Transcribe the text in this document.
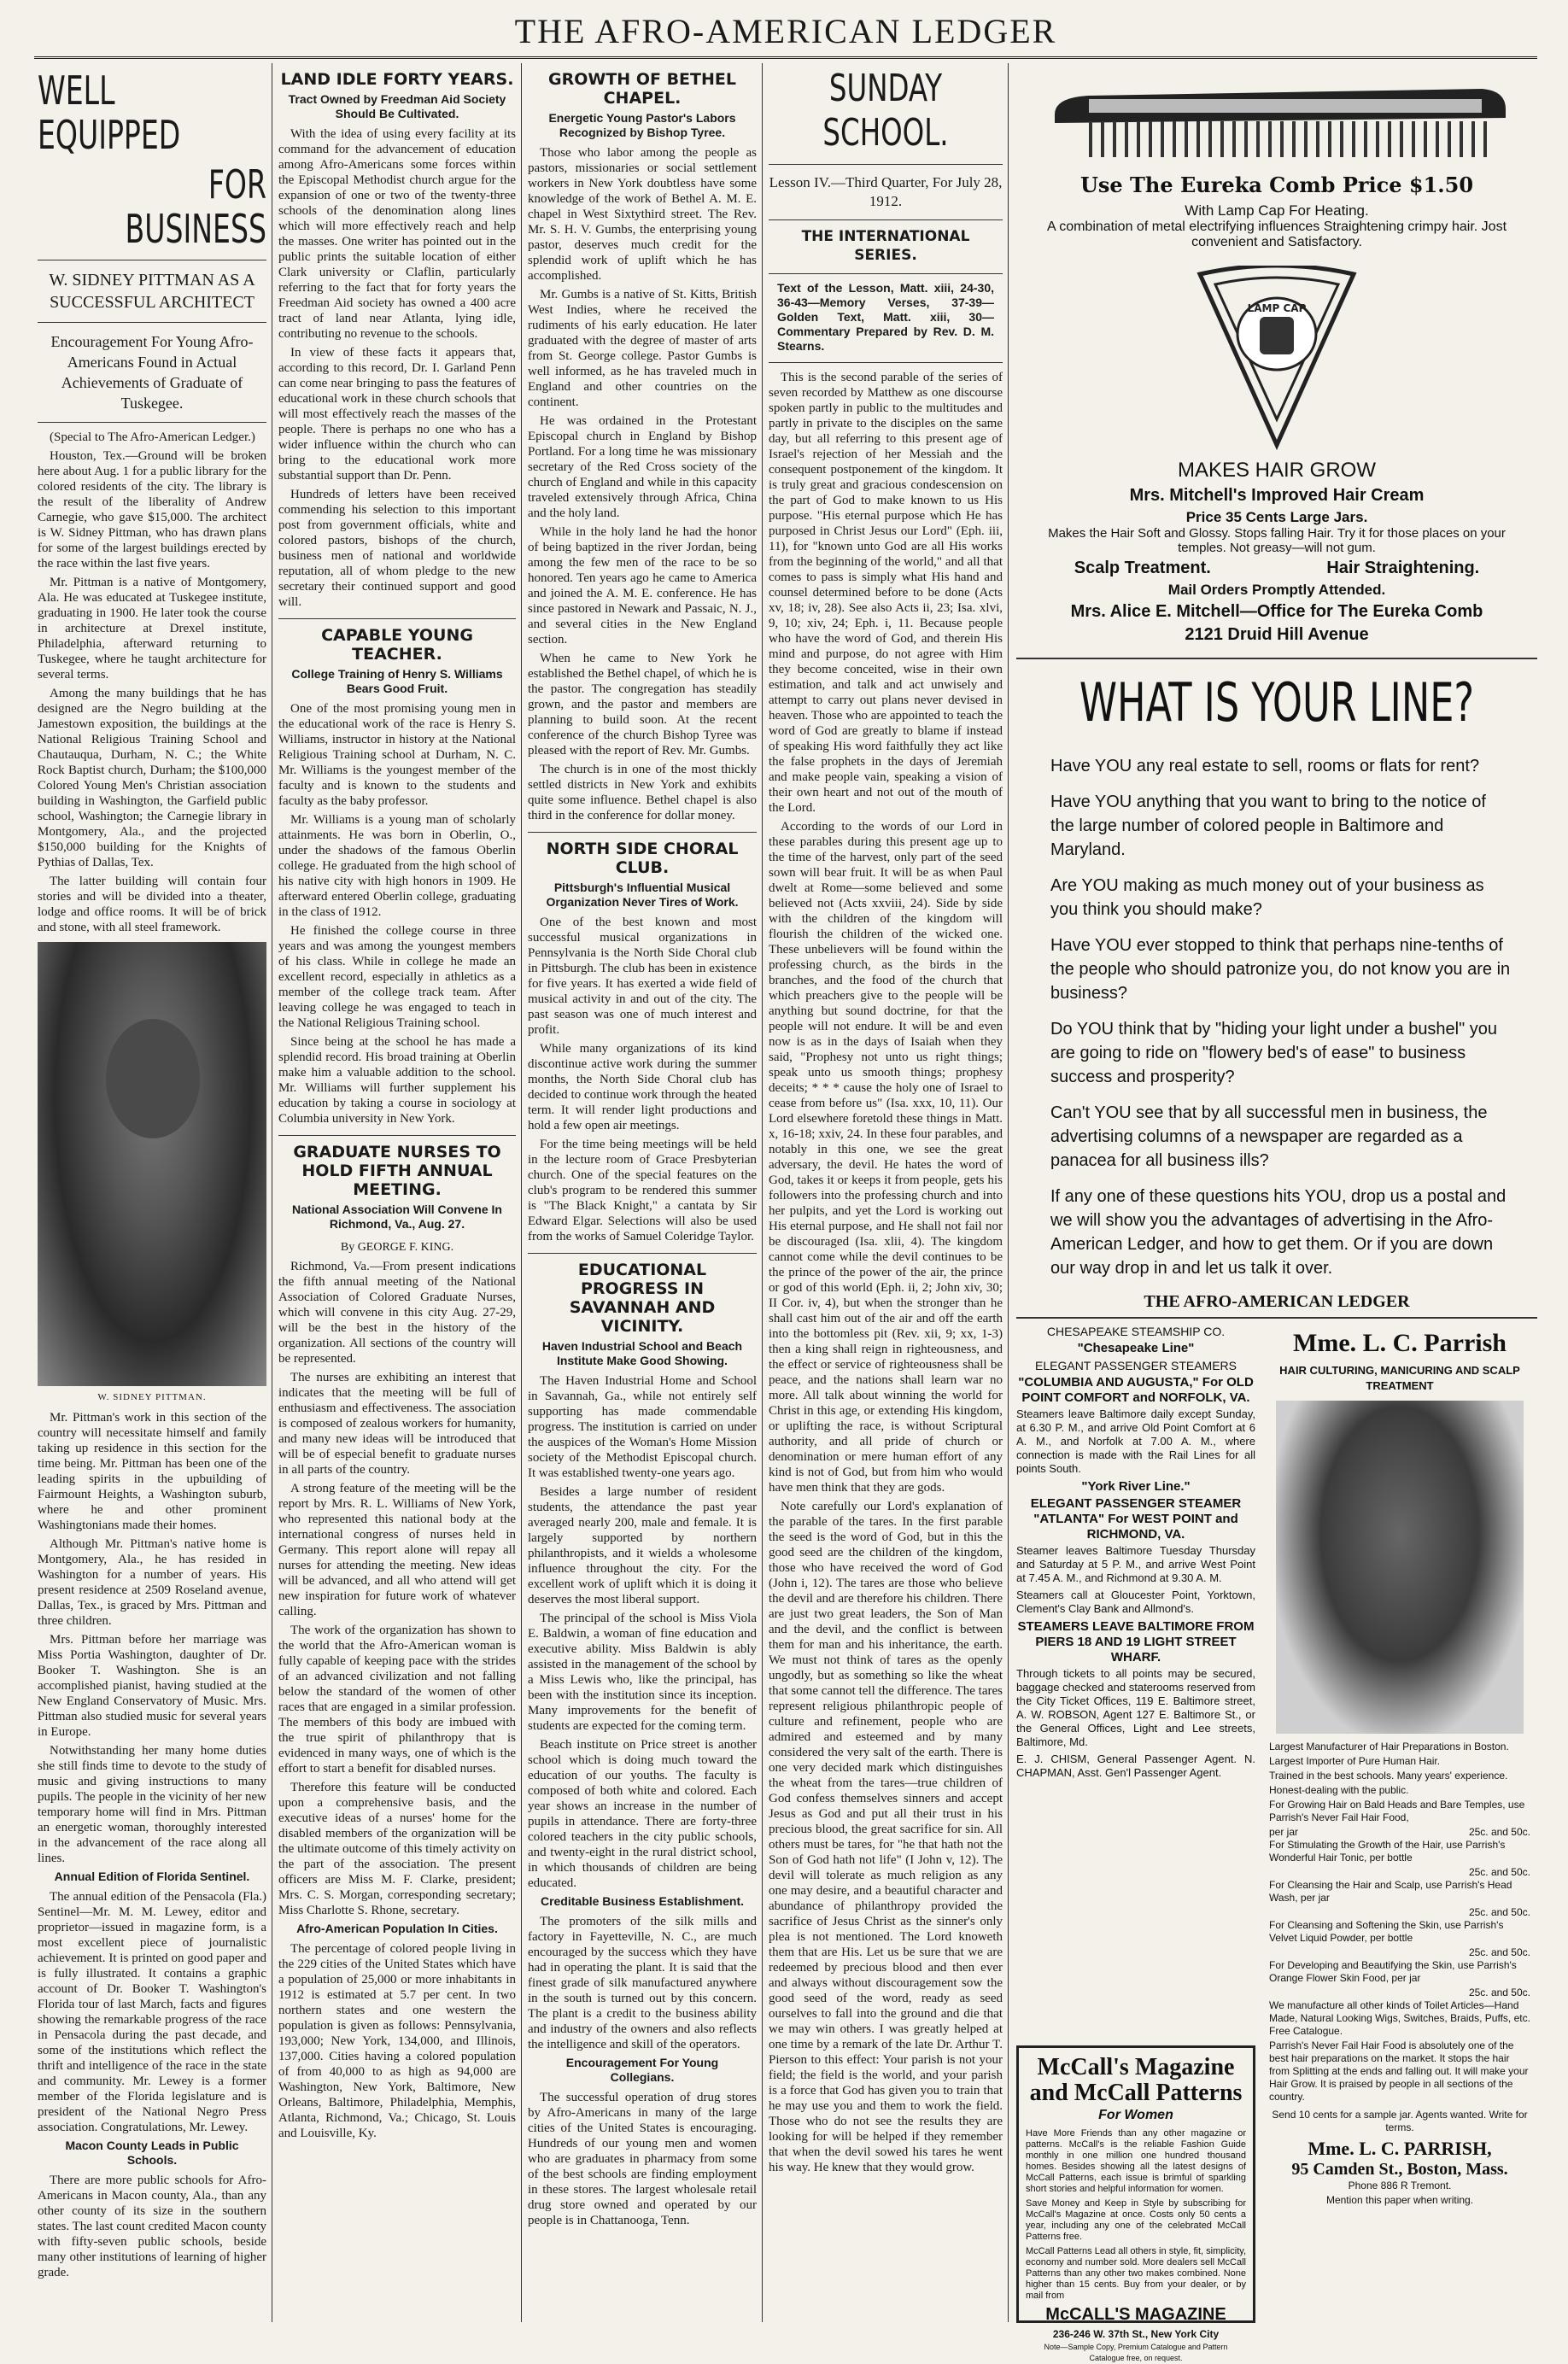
THE AFRO-AMERICAN LEDGER
WELL EQUIPPED
FOR BUSINESS
W. SIDNEY PITTMAN AS A SUCCESSFUL ARCHITECT
Encouragement For Young Afro-Americans Found in Actual Achievements of Graduate of Tuskegee.

(Special to The Afro-American Ledger.)

Houston, Tex.—Ground will be broken here about Aug. 1 for a public library for the colored residents of the city. The library is the result of the liberality of Andrew Carnegie, who gave $15,000. The architect is W. Sidney Pittman, who has drawn plans for some of the largest buildings erected by the race within the last five years.

Mr. Pittman is a native of Montgomery, Ala. He was educated at Tuskegee institute, graduating in 1900. He later took the course in architecture at Drexel institute, Philadelphia, afterward returning to Tuskegee, where he taught architecture for several terms.

Among the many buildings that he has designed are the Negro building at the Jamestown exposition, the buildings at the National Religious Training School and Chautauqua, Durham, N. C.; the White Rock Baptist church, Durham; the $100,000 Colored Young Men's Christian association building in Washington, the Garfield public school, Washington; the Carnegie library in Montgomery, Ala., and the projected $150,000 building for the Knights of Pythias of Dallas, Tex.

The latter building will contain four stories and will be divided into a theater, lodge and office rooms. It will be of brick and stone, with all steel framework.

W. SIDNEY PITTMAN.

Mr. Pittman's work in this section of the country will necessitate himself and family taking up residence in this section for the time being. Mr. Pittman has been one of the leading spirits in the upbuilding of Fairmount Heights, a Washington suburb, where he and other prominent Washingtonians made their homes.

Although Mr. Pittman's native home is Montgomery, Ala., he has resided in Washington for a number of years. His present residence at 2509 Roseland avenue, Dallas, Tex., is graced by Mrs. Pittman and three children.

Mrs. Pittman before her marriage was Miss Portia Washington, daughter of Dr. Booker T. Washington. She is an accomplished pianist, having studied at the New England Conservatory of Music. Mrs. Pittman also studied music for several years in Europe.

Notwithstanding her many home duties she still finds time to devote to the study of music and giving instructions to many pupils. The people in the vicinity of her new temporary home will find in Mrs. Pittman an energetic woman, thoroughly interested in the advancement of the race along all lines.

Annual Edition of Florida Sentinel.

The annual edition of the Pensacola (Fla.) Sentinel—Mr. M. M. Lewey, editor and proprietor—issued in magazine form, is a most excellent piece of journalistic achievement. It is printed on good paper and is fully illustrated. It contains a graphic account of Dr. Booker T. Washington's Florida tour of last March, facts and figures showing the remarkable progress of the race in Pensacola during the past decade, and some of the institutions which reflect the thrift and intelligence of the race in the state and community. Mr. Lewey is a former member of the Florida legislature and is president of the National Negro Press association. Congratulations, Mr. Lewey.

Macon County Leads in Public Schools.

There are more public schools for Afro-Americans in Macon county, Ala., than any other county of its size in the southern states. The last count credited Macon county with fifty-seven public schools, beside many other institutions of learning of higher grade.

LAND IDLE FORTY YEARS.
Tract Owned by Freedman Aid Society Should Be Cultivated.

With the idea of using every facility at its command for the advancement of education among Afro-Americans some forces within the Episcopal Methodist church argue for the expansion of one or two of the twenty-three schools of the denomination along lines which will more effectively reach and help the masses. One writer has pointed out in the public prints the suitable location of either Clark university or Claflin, particularly referring to the fact that for forty years the Freedman Aid society has owned a 400 acre tract of land near Atlanta, lying idle, contributing no revenue to the schools.

In view of these facts it appears that, according to this record, Dr. I. Garland Penn can come near bringing to pass the features of educational work in these church schools that will most effectively reach the masses of the people. There is perhaps no one who has a wider influence within the church who can bring to the educational work more substantial support than Dr. Penn.

Hundreds of letters have been received commending his selection to this important post from government officials, white and colored pastors, bishops of the church, business men of national and worldwide reputation, all of whom pledge to the new secretary their continued support and good will.

CAPABLE YOUNG TEACHER.
College Training of Henry S. Williams Bears Good Fruit.

One of the most promising young men in the educational work of the race is Henry S. Williams, instructor in history at the National Religious Training school at Durham, N. C. Mr. Williams is the youngest member of the faculty and is known to the students and faculty as the baby professor.

Mr. Williams is a young man of scholarly attainments. He was born in Oberlin, O., under the shadows of the famous Oberlin college. He graduated from the high school of his native city with high honors in 1909. He afterward entered Oberlin college, graduating in the class of 1912.

He finished the college course in three years and was among the youngest members of his class. While in college he made an excellent record, especially in athletics as a member of the college track team. After leaving college he was engaged to teach in the National Religious Training school.

Since being at the school he has made a splendid record. His broad training at Oberlin make him a valuable addition to the school. Mr. Williams will further supplement his education by taking a course in sociology at Columbia university in New York.

GRADUATE NURSES TO HOLD FIFTH ANNUAL MEETING.
National Association Will Convene In Richmond, Va., Aug. 27.
By GEORGE F. KING.

Richmond, Va.—From present indications the fifth annual meeting of the National Association of Colored Graduate Nurses, which will convene in this city Aug. 27-29, will be the best in the history of the organization. All sections of the country will be represented.

The nurses are exhibiting an interest that indicates that the meeting will be full of enthusiasm and effectiveness. The association is composed of zealous workers for humanity, and many new ideas will be introduced that will be of especial benefit to graduate nurses in all parts of the country.

A strong feature of the meeting will be the report by Mrs. R. L. Williams of New York, who represented this national body at the international congress of nurses held in Germany. This report alone will repay all nurses for attending the meeting. New ideas will be advanced, and all who attend will get new inspiration for future work of whatever calling.

The work of the organization has shown to the world that the Afro-American woman is fully capable of keeping pace with the strides of an advanced civilization and not falling below the standard of the women of other races that are engaged in a similar profession. The members of this body are imbued with the true spirit of philanthropy that is evidenced in many ways, one of which is the effort to start a benefit for disabled nurses.

Therefore this feature will be conducted upon a comprehensive basis, and the executive ideas of a nurses' home for the disabled members of the organization will be the ultimate outcome of this timely activity on the part of the association. The present officers are Miss M. F. Clarke, president; Mrs. C. S. Morgan, corresponding secretary; Miss Charlotte S. Rhone, secretary.

Afro-American Population In Cities.

The percentage of colored people living in the 229 cities of the United States which have a population of 25,000 or more inhabitants in 1912 is estimated at 5.7 per cent. In two northern states and one western the population is given as follows: Pennsylvania, 193,000; New York, 134,000, and Illinois, 137,000. Cities having a colored population of from 40,000 to as high as 94,000 are Washington, New York, Baltimore, New Orleans, Baltimore, Philadelphia, Memphis, Atlanta, Richmond, Va.; Chicago, St. Louis and Louisville, Ky.

GROWTH OF BETHEL CHAPEL.
Energetic Young Pastor's Labors Recognized by Bishop Tyree.

Those who labor among the people as pastors, missionaries or social settlement workers in New York doubtless have some knowledge of the work of Bethel A. M. E. chapel in West Sixtythird street. The Rev. Mr. S. H. V. Gumbs, the enterprising young pastor, deserves much credit for the splendid work of uplift which he has accomplished.

Mr. Gumbs is a native of St. Kitts, British West Indies, where he received the rudiments of his early education. He later graduated with the degree of master of arts from St. George college. Pastor Gumbs is well informed, as he has traveled much in England and other countries on the continent.

He was ordained in the Protestant Episcopal church in England by Bishop Portland. For a long time he was missionary secretary of the Red Cross society of the church of England and while in this capacity traveled extensively through Africa, China and the holy land.

While in the holy land he had the honor of being baptized in the river Jordan, being among the few men of the race to be so honored. Ten years ago he came to America and joined the A. M. E. conference. He has since pastored in Newark and Passaic, N. J., and several cities in the New England section.

When he came to New York he established the Bethel chapel, of which he is the pastor. The congregation has steadily grown, and the pastor and members are planning to build soon. At the recent conference of the church Bishop Tyree was pleased with the report of Rev. Mr. Gumbs.

The church is in one of the most thickly settled districts in New York and exhibits quite some influence. Bethel chapel is also third in the conference for dollar money.

NORTH SIDE CHORAL CLUB.
Pittsburgh's Influential Musical Organization Never Tires of Work.

One of the best known and most successful musical organizations in Pennsylvania is the North Side Choral club in Pittsburgh. The club has been in existence for five years. It has exerted a wide field of musical activity in and out of the city. The past season was one of much interest and profit.

While many organizations of its kind discontinue active work during the summer months, the North Side Choral club has decided to continue work through the heated term. It will render light productions and hold a few open air meetings.

For the time being meetings will be held in the lecture room of Grace Presbyterian church. One of the special features on the club's program to be rendered this summer is "The Black Knight," a cantata by Sir Edward Elgar. Selections will also be used from the works of Samuel Coleridge Taylor.

EDUCATIONAL PROGRESS IN SAVANNAH AND VICINITY.
Haven Industrial School and Beach Institute Make Good Showing.

The Haven Industrial Home and School in Savannah, Ga., while not entirely self supporting has made commendable progress. The institution is carried on under the auspices of the Woman's Home Mission society of the Methodist Episcopal church. It was established twenty-one years ago.

Besides a large number of resident students, the attendance the past year averaged nearly 200, male and female. It is largely supported by northern philanthropists, and it wields a wholesome influence throughout the city. For the excellent work of uplift which it is doing it deserves the most liberal support.

The principal of the school is Miss Viola E. Baldwin, a woman of fine education and executive ability. Miss Baldwin is ably assisted in the management of the school by a Miss Lewis who, like the principal, has been with the institution since its inception. Many improvements for the benefit of students are expected for the coming term.

Beach institute on Price street is another school which is doing much toward the education of our youths. The faculty is composed of both white and colored. Each year shows an increase in the number of pupils in attendance. There are forty-three colored teachers in the city public schools, and twenty-eight in the rural district school, in which thousands of children are being educated.

Creditable Business Establishment.

The promoters of the silk mills and factory in Fayetteville, N. C., are much encouraged by the success which they have had in operating the plant. It is said that the finest grade of silk manufactured anywhere in the south is turned out by this concern. The plant is a credit to the business ability and industry of the owners and also reflects the intelligence and skill of the operators.

Encouragement For Young Collegians.

The successful operation of drug stores by Afro-Americans in many of the large cities of the United States is encouraging. Hundreds of our young men and women who are graduates in pharmacy from some of the best schools are finding employment in these stores. The largest wholesale retail drug store owned and operated by our people is in Chattanooga, Tenn.

SUNDAY SCHOOL.
Lesson IV.—Third Quarter, For July 28, 1912.
THE INTERNATIONAL SERIES.
Text of the Lesson, Matt. xiii, 24-30, 36-43—Memory Verses, 37-39—Golden Text, Matt. xiii, 30—Commentary Prepared by Rev. D. M. Stearns.

This is the second parable of the series of seven recorded by Matthew as one discourse spoken partly in public to the multitudes and partly in private to the disciples on the same day, but all referring to this present age of Israel's rejection of her Messiah and the consequent postponement of the kingdom. It is truly great and gracious condescension on the part of God to make known to us His purpose. "His eternal purpose which He has purposed in Christ Jesus our Lord" (Eph. iii, 11), for "known unto God are all His works from the beginning of the world," and all that comes to pass is simply what His hand and counsel determined before to be done (Acts xv, 18; iv, 28). See also Acts ii, 23; Isa. xlvi, 9, 10; xiv, 24; Eph. i, 11. Because people who have the word of God, and therein His mind and purpose, do not agree with Him they become conceited, wise in their own estimation, and talk and act unwisely and attempt to carry out plans never devised in heaven. Those who are appointed to teach the word of God are greatly to blame if instead of speaking His word faithfully they act like the false prophets in the days of Jeremiah and make people vain, speaking a vision of their own heart and not out of the mouth of the Lord.

According to the words of our Lord in these parables during this present age up to the time of the harvest, only part of the seed sown will bear fruit. It will be as when Paul dwelt at Rome—some believed and some believed not (Acts xxviii, 24). Side by side with the children of the kingdom will flourish the children of the wicked one. These unbelievers will be found within the professing church, as the birds in the branches, and the food of the church that which preachers give to the people will be anything but sound doctrine, for that the people will not endure. It will be and even now is as in the days of Isaiah when they said, "Prophesy not unto us right things; speak unto us smooth things; prophesy deceits; * * * cause the holy one of Israel to cease from before us" (Isa. xxx, 10, 11). Our Lord elsewhere foretold these things in Matt. x, 16-18; xxiv, 24. In these four parables, and notably in this one, we see the great adversary, the devil. He hates the word of God, takes it or keeps it from people, gets his followers into the professing church and into her pulpits, and yet the Lord is working out His eternal purpose, and He shall not fail nor be discouraged (Isa. xlii, 4). The kingdom cannot come while the devil continues to be the prince of the power of the air, the prince or god of this world (Eph. ii, 2; John xiv, 30; II Cor. iv, 4), but when the stronger than he shall cast him out of the air and off the earth into the bottomless pit (Rev. xii, 9; xx, 1-3) then a king shall reign in righteousness, and the effect or service of righteousness shall be peace, and the nations shall learn war no more. All talk about winning the world for Christ in this age, or extending His kingdom, or uplifting the race, is without Scriptural authority, and all pride of church or denomination or mere human effort of any kind is not of God, but from him who would have men think that they are gods.

Note carefully our Lord's explanation of the parable of the tares. In the first parable the seed is the word of God, but in this the good seed are the children of the kingdom, those who have received the word of God (John i, 12). The tares are those who believe the devil and are therefore his children. There are just two great leaders, the Son of Man and the devil, and the conflict is between them for man and his inheritance, the earth. We must not think of tares as the openly ungodly, but as something so like the wheat that some cannot tell the difference. The tares represent religious philanthropic people of culture and refinement, people who are admired and esteemed and by many considered the very salt of the earth. There is one very decided mark which distinguishes the wheat from the tares—true children of God confess themselves sinners and accept Jesus as God and put all their trust in his precious blood, the great sacrifice for sin. All others must be tares, for "he that hath not the Son of God hath not life" (I John v, 12). The devil will tolerate as much religion as any one may desire, and a beautiful character and abundance of philanthropy provided the sacrifice of Jesus Christ as the sinner's only plea is not mentioned. The Lord knoweth them that are His. Let us be sure that we are redeemed by precious blood and then ever and always without discouragement sow the good seed of the word, ready as seed ourselves to fall into the ground and die that we may win others. I was greatly helped at one time by a remark of the late Dr. Arthur T. Pierson to this effect: Your parish is not your field; the field is the world, and your parish is a force that God has given you to train that he may use you and them to work the field. Those who do not see the results they are looking for will be helped if they remember that when the devil sowed his tares he went his way. He knew that they would grow.

Use The Eureka Comb Price $1.50
With Lamp Cap For Heating.
A combination of metal electrifying influences Straightening crimpy hair. Jost convenient and Satisfactory.
LAMP CAP
MAKES HAIR GROW
Mrs. Mitchell's Improved Hair Cream
Price 35 Cents Large Jars.
Makes the Hair Soft and Glossy. Stops falling Hair. Try it for those places on your temples. Not greasy—will not gum.
Scalp Treatment.	Hair Straightening.
Mail Orders Promptly Attended.
Mrs. Alice E. Mitchell—Office for The Eureka Comb
2121 Druid Hill Avenue
WHAT IS YOUR LINE?

Have YOU any real estate to sell, rooms or flats for rent?

Have YOU anything that you want to bring to the notice of the large number of colored people in Baltimore and Maryland.

Are YOU making as much money out of your business as you think you should make?

Have YOU ever stopped to think that perhaps nine-tenths of the people who should patronize you, do not know you are in business?

Do YOU think that by "hiding your light under a bushel" you are going to ride on "flowery bed's of ease" to business success and prosperity?

Can't YOU see that by all successful men in business, the advertising columns of a newspaper are regarded as a panacea for all business ills?

If any one of these questions hits YOU, drop us a postal and we will show you the advantages of advertising in the Afro-American Ledger, and how to get them. Or if you are down our way drop in and let us talk it over.

THE AFRO-AMERICAN LEDGER
CHESAPEAKE STEAMSHIP CO.
"Chesapeake Line"
ELEGANT PASSENGER STEAMERS
"COLUMBIA AND AUGUSTA," For OLD POINT COMFORT and NORFOLK, VA.

Steamers leave Baltimore daily except Sunday, at 6.30 P. M., and arrive Old Point Comfort at 6 A. M., and Norfolk at 7.00 A. M., where connection is made with the Rail Lines for all points South.

"York River Line."
ELEGANT PASSENGER STEAMER "ATLANTA" For WEST POINT and RICHMOND, VA.

Steamer leaves Baltimore Tuesday Thursday and Saturday at 5 P. M., and arrive West Point at 7.45 A. M., and Richmond at 9.30 A. M.

Steamers call at Gloucester Point, Yorktown, Clement's Clay Bank and Allmond's.

STEAMERS LEAVE BALTIMORE FROM PIERS 18 AND 19 LIGHT STREET WHARF.

Through tickets to all points may be secured, baggage checked and staterooms reserved from the City Ticket Offices, 119 E. Baltimore street, A. W. ROBSON, Agent 127 E. Baltimore St., or the General Offices, Light and Lee streets, Baltimore, Md.

E. J. CHISM, General Passenger Agent. N. CHAPMAN, Asst. Gen'l Passenger Agent.

Mme. L. C. Parrish
HAIR CULTURING, MANICURING AND SCALP TREATMENT

Largest Manufacturer of Hair Preparations in Boston.

Largest Importer of Pure Human Hair.

Trained in the best schools. Many years' experience.

Honest-dealing with the public.

For Growing Hair on Bald Heads and Bare Temples, use Parrish's Never Fail Hair Food,

per jar	25c. and 50c.

For Stimulating the Growth of the Hair, use Parrish's Wonderful Hair Tonic, per bottle

25c. and 50c.

For Cleansing the Hair and Scalp, use Parrish's Head Wash, per jar

25c. and 50c.

For Cleansing and Softening the Skin, use Parrish's Velvet Liquid Powder, per bottle

25c. and 50c.

For Developing and Beautifying the Skin, use Parrish's Orange Flower Skin Food, per jar

25c. and 50c.

We manufacture all other kinds of Toilet Articles—Hand Made, Natural Looking Wigs, Switches, Braids, Puffs, etc. Free Catalogue.

Parrish's Never Fail Hair Food is absolutely one of the best hair preparations on the market. It stops the hair from Splitting at the ends and falling out. It will make your Hair Grow. It is praised by people in all sections of the country.

Send 10 cents for a sample jar. Agents wanted. Write for terms.

Mme. L. C. PARRISH,
95 Camden St., Boston, Mass.

Phone 886 R Tremont.

Mention this paper when writing.

McCall's Magazine and McCall Patterns
For Women

Have More Friends than any other magazine or patterns. McCall's is the reliable Fashion Guide monthly in one million one hundred thousand homes. Besides showing all the latest designs of McCall Patterns, each issue is brimful of sparkling short stories and helpful information for women.

Save Money and Keep in Style by subscribing for McCall's Magazine at once. Costs only 50 cents a year, including any one of the celebrated McCall Patterns free.

McCall Patterns Lead all others in style, fit, simplicity, economy and number sold. More dealers sell McCall Patterns than any other two makes combined. None higher than 15 cents. Buy from your dealer, or by mail from

McCALL'S MAGAZINE
236-246 W. 37th St., New York City

Note—Sample Copy, Premium Catalogue and Pattern Catalogue free, on request.
